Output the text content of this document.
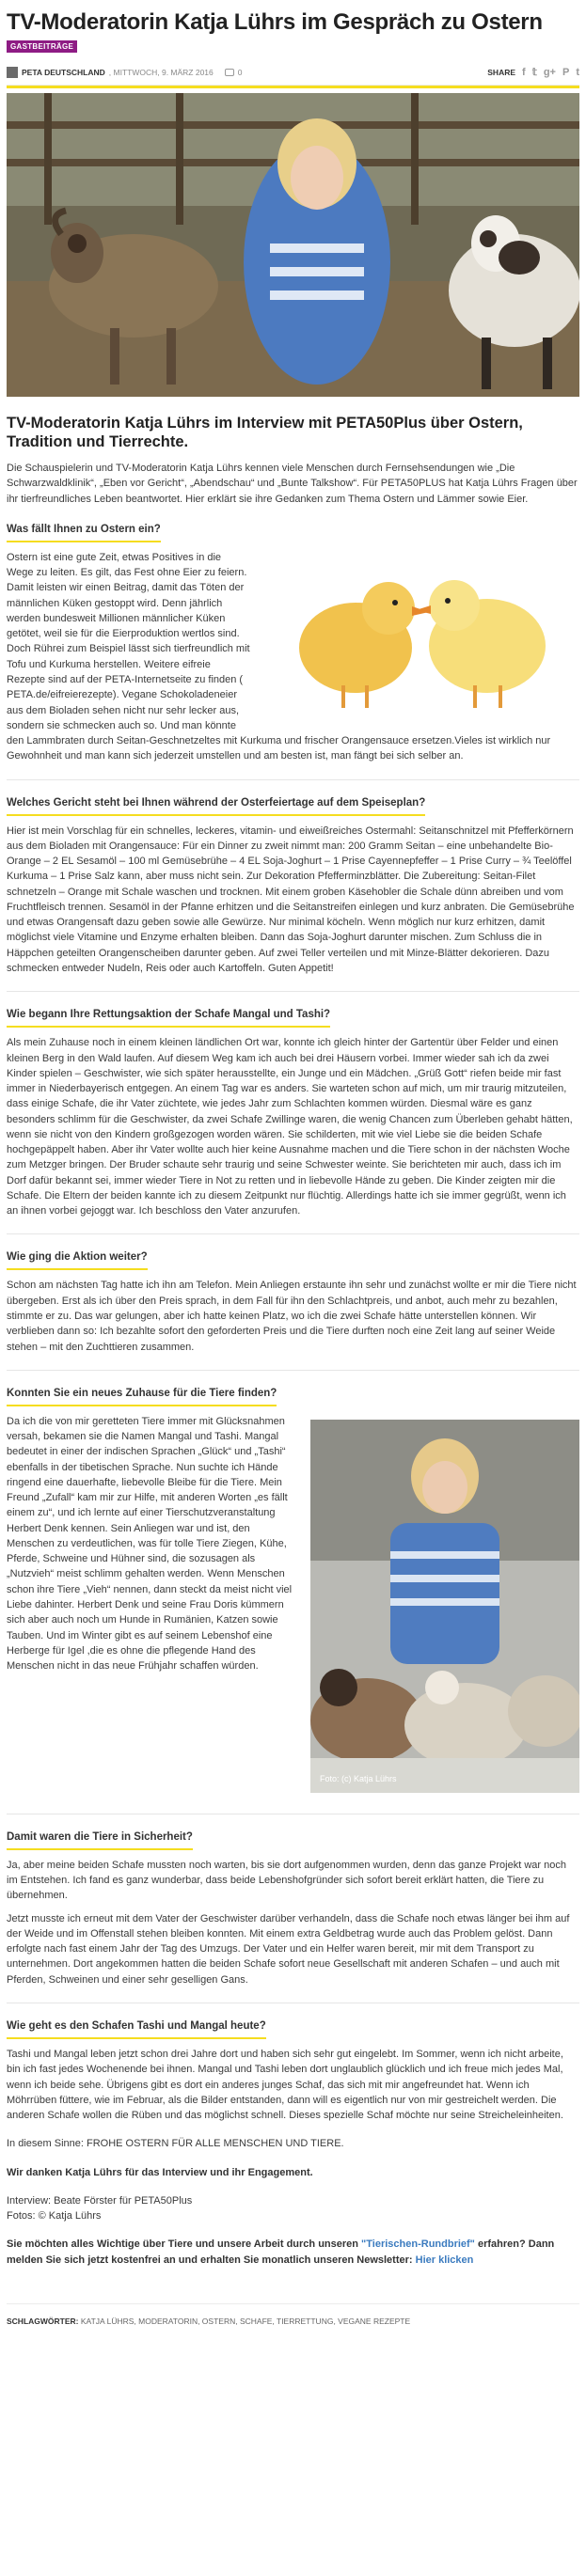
TV-Moderatorin Katja Lührs im Gespräch zu Ostern
GASTBEITRÄGE
PETA DEUTSCHLAND , MITTWOCH, 9. MÄRZ 2016	0	SHARE f 𝕥 g+ P t
TV-Moderatorin Katja Lührs im Interview mit PETA50Plus über Ostern, Tradition und Tierrechte.

Die Schauspielerin und TV-Moderatorin Katja Lührs kennen viele Menschen durch Fernsehsendungen wie „Die Schwarzwaldklinik“, „Eben vor Gericht“, „Abendschau“ und „Bunte Talkshow“. Für PETA50PLUS hat Katja Lührs Fragen über ihr tierfreundliches Leben beantwortet. Hier erklärt sie ihre Gedanken zum Thema Ostern und Lämmer sowie Eier.

Was fällt Ihnen zu Ostern ein?

Ostern ist eine gute Zeit, etwas Positives in die Wege zu leiten. Es gilt, das Fest ohne Eier zu feiern. Damit leisten wir einen Beitrag, damit das Töten der männlichen Küken gestoppt wird. Denn jährlich werden bundesweit Millionen männlicher Küken getötet, weil sie für die Eierproduktion wertlos sind. Doch Rührei zum Beispiel lässt sich tierfreundlich mit Tofu und Kurkuma herstellen. Weitere eifreie Rezepte sind auf der PETA-Internetseite zu finden ( PETA.de/eifreierezepte). Vegane Schokoladeneier aus dem Bioladen sehen nicht nur sehr lecker aus, sondern sie schmecken auch so. Und man könnte den Lammbraten durch Seitan-Geschnetzeltes mit Kurkuma und frischer Orangensauce ersetzen.Vieles ist wirklich nur Gewohnheit und man kann sich jederzeit umstellen und am besten ist, man fängt bei sich selber an.

Welches Gericht steht bei Ihnen während der Osterfeiertage auf dem Speiseplan?

Hier ist mein Vorschlag für ein schnelles, leckeres, vitamin- und eiweißreiches Ostermahl: Seitanschnitzel mit Pfefferkörnern aus dem Bioladen mit Orangensauce: Für ein Dinner zu zweit nimmt man: 200 Gramm Seitan – eine unbehandelte Bio-Orange – 2 EL Sesamöl – 100 ml Gemüsebrühe – 4 EL Soja-Joghurt – 1 Prise Cayennepfeffer – 1 Prise Curry – ¾ Teelöffel Kurkuma – 1 Prise Salz kann, aber muss nicht sein. Zur Dekoration Pfefferminzblätter. Die Zubereitung: Seitan-Filet schnetzeln – Orange mit Schale waschen und trocknen. Mit einem groben Käsehobler die Schale dünn abreiben und vom Fruchtfleisch trennen. Sesamöl in der Pfanne erhitzen und die Seitanstreifen einlegen und kurz anbraten. Die Gemüsebrühe und etwas Orangensaft dazu geben sowie alle Gewürze. Nur minimal köcheln. Wenn möglich nur kurz erhitzen, damit möglichst viele Vitamine und Enzyme erhalten bleiben. Dann das Soja-Joghurt darunter mischen. Zum Schluss die in Häppchen geteilten Orangenscheiben darunter geben. Auf zwei Teller verteilen und mit Minze-Blätter dekorieren. Dazu schmecken entweder Nudeln, Reis oder auch Kartoffeln. Guten Appetit!

Wie begann Ihre Rettungsaktion der Schafe Mangal und Tashi?

Als mein Zuhause noch in einem kleinen ländlichen Ort war, konnte ich gleich hinter der Gartentür über Felder und einen kleinen Berg in den Wald laufen. Auf diesem Weg kam ich auch bei drei Häusern vorbei. Immer wieder sah ich da zwei Kinder spielen – Geschwister, wie sich später herausstellte, ein Junge und ein Mädchen. „Grüß Gott“ riefen beide mir fast immer in Niederbayerisch entgegen. An einem Tag war es anders. Sie warteten schon auf mich, um mir traurig mitzuteilen, dass einige Schafe, die ihr Vater züchtete, wie jedes Jahr zum Schlachten kommen würden. Diesmal wäre es ganz besonders schlimm für die Geschwister, da zwei Schafe Zwillinge waren, die wenig Chancen zum Überleben gehabt hätten, wenn sie nicht von den Kindern großgezogen worden wären. Sie schilderten, mit wie viel Liebe sie die beiden Schafe hochgepäppelt haben. Aber ihr Vater wollte auch hier keine Ausnahme machen und die Tiere schon in der nächsten Woche zum Metzger bringen. Der Bruder schaute sehr traurig und seine Schwester weinte. Sie berichteten mir auch, dass ich im Dorf dafür bekannt sei, immer wieder Tiere in Not zu retten und in liebevolle Hände zu geben. Die Kinder zeigten mir die Schafe. Die Eltern der beiden kannte ich zu diesem Zeitpunkt nur flüchtig. Allerdings hatte ich sie immer gegrüßt, wenn ich an ihnen vorbei gejoggt war. Ich beschloss den Vater anzurufen.

Wie ging die Aktion weiter?

Schon am nächsten Tag hatte ich ihn am Telefon. Mein Anliegen erstaunte ihn sehr und zunächst wollte er mir die Tiere nicht übergeben. Erst als ich über den Preis sprach, in dem Fall für ihn den Schlachtpreis, und anbot, auch mehr zu bezahlen, stimmte er zu. Das war gelungen, aber ich hatte keinen Platz, wo ich die zwei Schafe hätte unterstellen können. Wir verblieben dann so: Ich bezahlte sofort den geforderten Preis und die Tiere durften noch eine Zeit lang auf seiner Weide stehen – mit den Zuchttieren zusammen.

Konnten Sie ein neues Zuhause für die Tiere finden?
Foto: (c) Katja Lührs

Da ich die von mir geretteten Tiere immer mit Glücksnahmen versah, bekamen sie die Namen Mangal und Tashi. Mangal bedeutet in einer der indischen Sprachen „Glück“ und „Tashi“ ebenfalls in der tibetischen Sprache. Nun suchte ich Hände ringend eine dauerhafte, liebevolle Bleibe für die Tiere. Mein Freund „Zufall“ kam mir zur Hilfe, mit anderen Worten „es fällt einem zu“, und ich lernte auf einer Tierschutzveranstaltung Herbert Denk kennen. Sein Anliegen war und ist, den Menschen zu verdeutlichen, was für tolle Tiere Ziegen, Kühe, Pferde, Schweine und Hühner sind, die sozusagen als „Nutzvieh“ meist schlimm gehalten werden. Wenn Menschen schon ihre Tiere „Vieh“ nennen, dann steckt da meist nicht viel Liebe dahinter. Herbert Denk und seine Frau Doris kümmern sich aber auch noch um Hunde in Rumänien, Katzen sowie Tauben. Und im Winter gibt es auf seinem Lebenshof eine Herberge für Igel ,die es ohne die pflegende Hand des Menschen nicht in das neue Frühjahr schaffen würden.

Damit waren die Tiere in Sicherheit?

Ja, aber meine beiden Schafe mussten noch warten, bis sie dort aufgenommen wurden, denn das ganze Projekt war noch im Entstehen. Ich fand es ganz wunderbar, dass beide Lebenshofgründer sich sofort bereit erklärt hatten, die Tiere zu übernehmen.

Jetzt musste ich erneut mit dem Vater der Geschwister darüber verhandeln, dass die Schafe noch etwas länger bei ihm auf der Weide und im Offenstall stehen bleiben konnten. Mit einem extra Geldbetrag wurde auch das Problem gelöst. Dann erfolgte nach fast einem Jahr der Tag des Umzugs. Der Vater und ein Helfer waren bereit, mir mit dem Transport zu unternehmen. Dort angekommen hatten die beiden Schafe sofort neue Gesellschaft mit anderen Schafen – und auch mit Pferden, Schweinen und einer sehr geselligen Gans.

Wie geht es den Schafen Tashi und Mangal heute?

Tashi und Mangal leben jetzt schon drei Jahre dort und haben sich sehr gut eingelebt. Im Sommer, wenn ich nicht arbeite, bin ich fast jedes Wochenende bei ihnen. Mangal und Tashi leben dort unglaublich glücklich und ich freue mich jedes Mal, wenn ich beide sehe. Übrigens gibt es dort ein anderes junges Schaf, das sich mit mir angefreundet hat. Wenn ich Möhrrüben füttere, wie im Februar, als die Bilder entstanden, dann will es eigentlich nur von mir gestreichelt werden. Die anderen Schafe wollen die Rüben und das möglichst schnell. Dieses spezielle Schaf möchte nur seine Streicheleinheiten.

In diesem Sinne: FROHE OSTERN FÜR ALLE MENSCHEN UND TIERE.

Wir danken Katja Lührs für das Interview und ihr Engagement.

Interview: Beate Förster für PETA50Plus

Fotos: © Katja Lührs

Sie möchten alles Wichtige über Tiere und unsere Arbeit durch unseren "Tierischen-Rundbrief" erfahren? Dann melden Sie sich jetzt kostenfrei an und erhalten Sie monatlich unseren Newsletter: Hier klicken

SCHLAGWÖRTER: KATJA LÜHRS, MODERATORIN, OSTERN, SCHAFE, TIERRETTUNG, VEGANE REZEPTE
